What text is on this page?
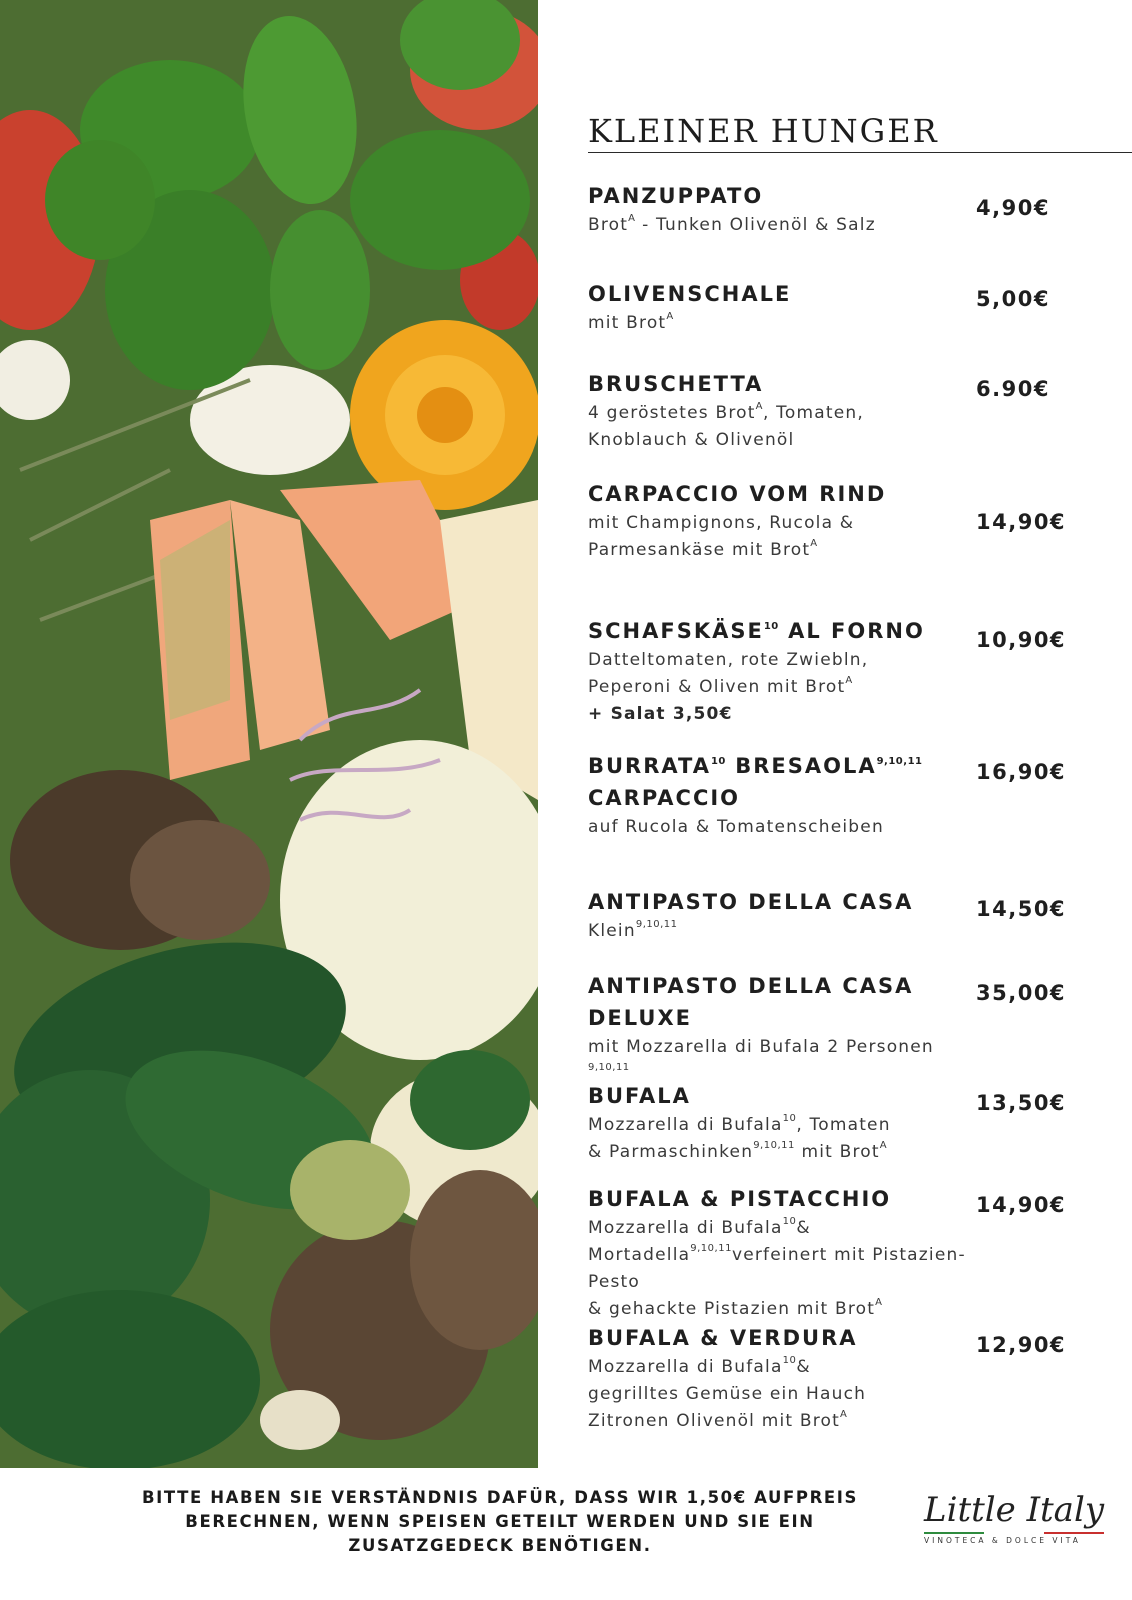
KLEINER HUNGER
PANZUPPATO
Brot$^A$ - Tunken Olivenöl & Salz
4,90€
OLIVENSCHALE
mit Brot$^A$
5,00€
BRUSCHETTA
4 geröstetes Brot$^A$, Tomaten,
Knoblauch & Olivenöl
6.90€
CARPACCIO VOM RIND
mit Champignons, Rucola &
Parmesankäse mit Brot$^A$
14,90€
SCHAFSKÄSE$^{10}$ AL FORNO
Datteltomaten, rote Zwiebln,
Peperoni & Oliven mit Brot$^A$
+ Salat 3,50€
10,90€
BURRATA$^{10}$ BRESAOLA$^{9,10,11}$
CARPACCIO
auf Rucola & Tomatenscheiben
16,90€
ANTIPASTO DELLA CASA
Klein$^{9,10,11}$
14,50€
ANTIPASTO DELLA CASA
DELUXE
mit Mozzarella di Bufala 2 Personen $^{9,10,11}$
35,00€
BUFALA
Mozzarella di Bufala$^{10}$, Tomaten
& Parmaschinken$^{9,10,11}$ mit Brot$^A$
13,50€
BUFALA & PISTACCHIO
Mozzarella di Bufala$^{10}$&
Mortadella$^{9,10,11}$verfeinert mit Pistazien-Pesto
& gehackte Pistazien mit Brot$^A$
14,90€
BUFALA & VERDURA
Mozzarella di Bufala$^{10}$&
gegrilltes Gemüse ein Hauch
Zitronen Olivenöl mit Brot$^A$
12,90€
BITTE HABEN SIE VERSTÄNDNIS DAFÜR, DASS WIR 1,50€ AUFPREIS
BERECHNEN, WENN SPEISEN GETEILT WERDEN UND SIE EIN
ZUSATZGEDECK BENÖTIGEN.
Little Italy
VINOTECA & DOLCE VITA
